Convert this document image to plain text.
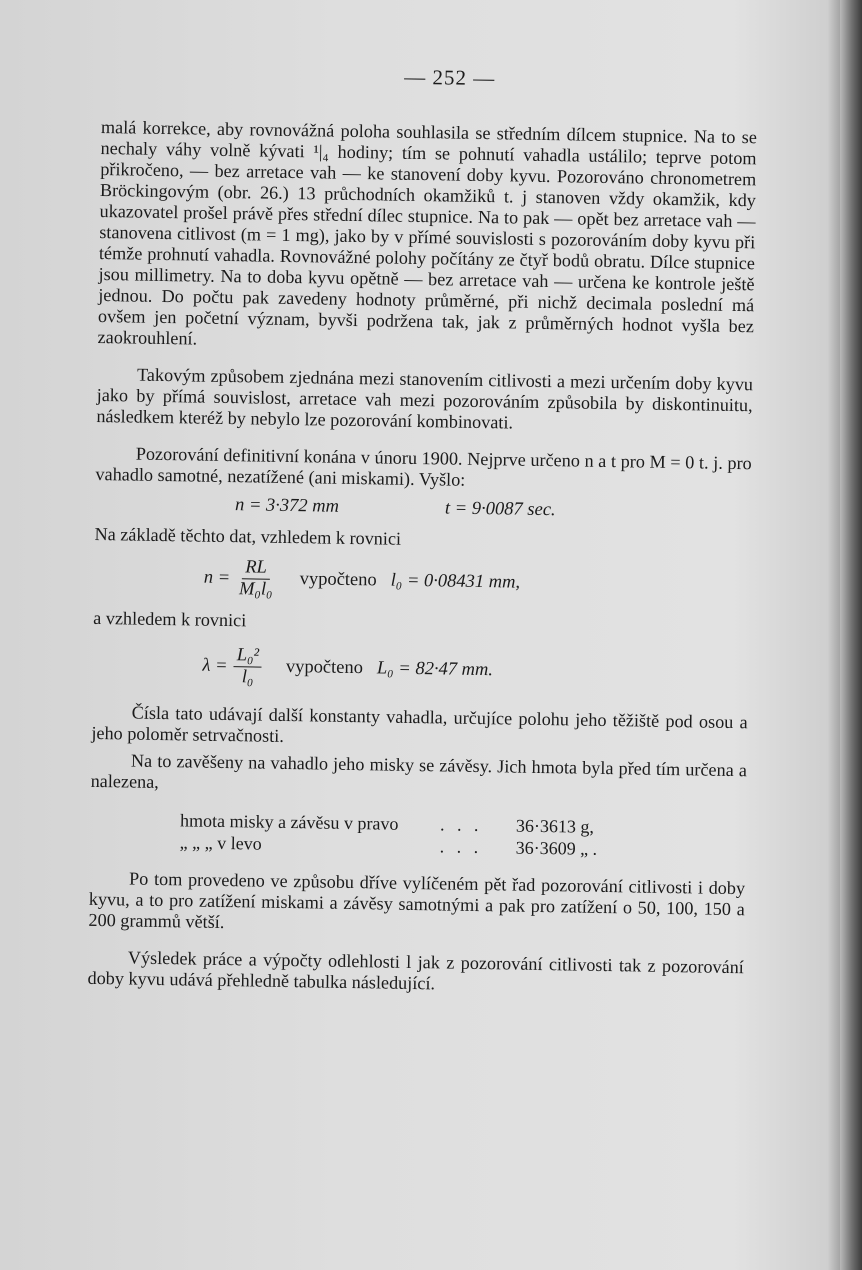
— 252 —

malá korrekce, aby rovnovážná poloha souhlasila se středním dílcem stupnice. Na to se nechaly váhy volně kývati ¹|₄ hodiny; tím se pohnutí vahadla ustálilo; teprve potom přikročeno, — bez arretace vah — ke stanovení doby kyvu. Pozorováno chronometrem Bröckingovým (obr. 26.) 13 průchodních okamžiků t. j stanoven vždy okamžik, kdy ukazovatel prošel právě přes střední dílec stupnice. Na to pak — opět bez arretace vah — stanovena citlivost (m = 1 mg), jako by v přímé souvislosti s pozorováním doby kyvu při témže prohnutí vahadla. Rovnovážné polohy počítány ze čtyř bodů obratu. Dílce stupnice jsou millimetry. Na to doba kyvu opětně — bez arretace vah — určena ke kontrole ještě jednou. Do počtu pak zavedeny hodnoty průměrné, při nichž decimala poslední má ovšem jen početní význam, byvši podržena tak, jak z průměrných hodnot vyšla bez zaokrouhlení.

Takovým způsobem zjednána mezi stanovením citlivosti a mezi určením doby kyvu jako by přímá souvislost, arretace vah mezi pozorováním způsobila by diskontinuitu, následkem kteréž by nebylo lze pozorování kombinovati.

Pozorování definitivní konána v únoru 1900. Nejprve určeno n a t pro M = 0 t. j. pro vahadlo samotné, nezatížené (ani miskami). Vyšlo:

n = 3·372 mm	t = 9·0087 sec.

Na základě těchto dat, vzhledem k rovnici

$n = \frac{RL}{\text{M₀l₀}}$ vypočteno l₀ = 0·08431 mm,

a vzhledem k rovnici

$\lambda = \frac{\text{L₀²}}{\text{l₀}}$ vypočteno L₀ = 82·47 mm.

Čísla tato udávají další konstanty vahadla, určujíce polohu jeho těžiště pod osou a jeho poloměr setrvačnosti.

Na to zavěšeny na vahadlo jeho misky se závěsy. Jich hmota byla před tím určena a nalezena,

hmota misky a závěsu v pravo	. . .	36·3613 g,
„ „ „ v levo	. . .	36·3609 „ .

Po tom provedeno ve způsobu dříve vylíčeném pět řad pozorování citlivosti i doby kyvu, a to pro zatížení miskami a závěsy samotnými a pak pro zatížení o 50, 100, 150 a 200 grammů větší.

Výsledek práce a výpočty odlehlosti l jak z pozorování citlivosti tak z pozorování doby kyvu udává přehledně tabulka následující.
